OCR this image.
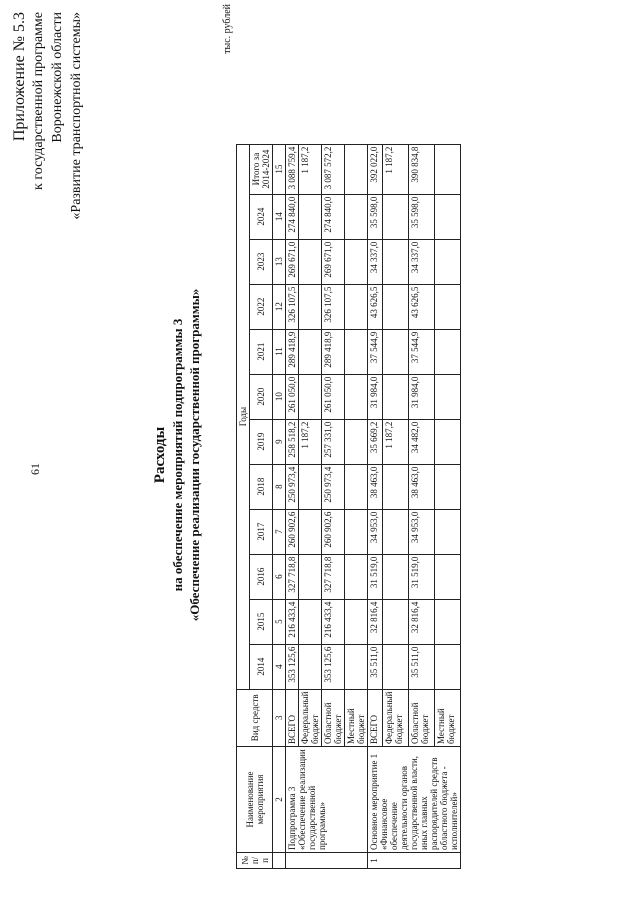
61
Приложение № 5.3 к государственной программе Воронежской области «Развитие транспортной системы»
Расходы на обеспечение мероприятий подпрограммы 3 «Обеспечение реализации государственной программы»
тыс. рублей
№ п/п	Наименование мероприятия	Вид средств	Годы											
			2014	2015	2016	2017	2018	2019	2020	2021	2022	2023	2024	Итого за 2014-2024
	2	3	4	5	6	7	8	9	10	11	12	13	14	15
	Подпрограмма 3 «Обеспечение реализации государственной программы»	ВСЕГО	353 125,6	216 433,4	327 718,8	260 902,6	250 973,4	258 518,2	261 050,0	289 418,9	326 107,5	269 671,0	274 840,0	3 088 759,4
		Федеральный бюджет						1 187,2						1 187,2
		Областной бюджет	353 125,6	216 433,4	327 718,8	260 902,6	250 973,4	257 331,0	261 050,0	289 418,9	326 107,5	269 671,0	274 840,0	3 087 572,2
		Местный бюджет												
1	Основное мероприятие 1 «Финансовое обеспечение деятельности органов государственной власти, иных главных распорядителей средств областного бюджета - исполнителей»	ВСЕГО	35 511,0	32 816,4	31 519,0	34 953,0	38 463,0	35 669,2	31 984,0	37 544,9	43 626,5	34 337,0	35 598,0	392 022,0
		Федеральный бюджет						1 187,2						1 187,2
		Областной бюджет	35 511,0	32 816,4	31 519,0	34 953,0	38 463,0	34 482,0	31 984,0	37 544,9	43 626,5	34 337,0	35 598,0	390 834,8
		Местный бюджет												
